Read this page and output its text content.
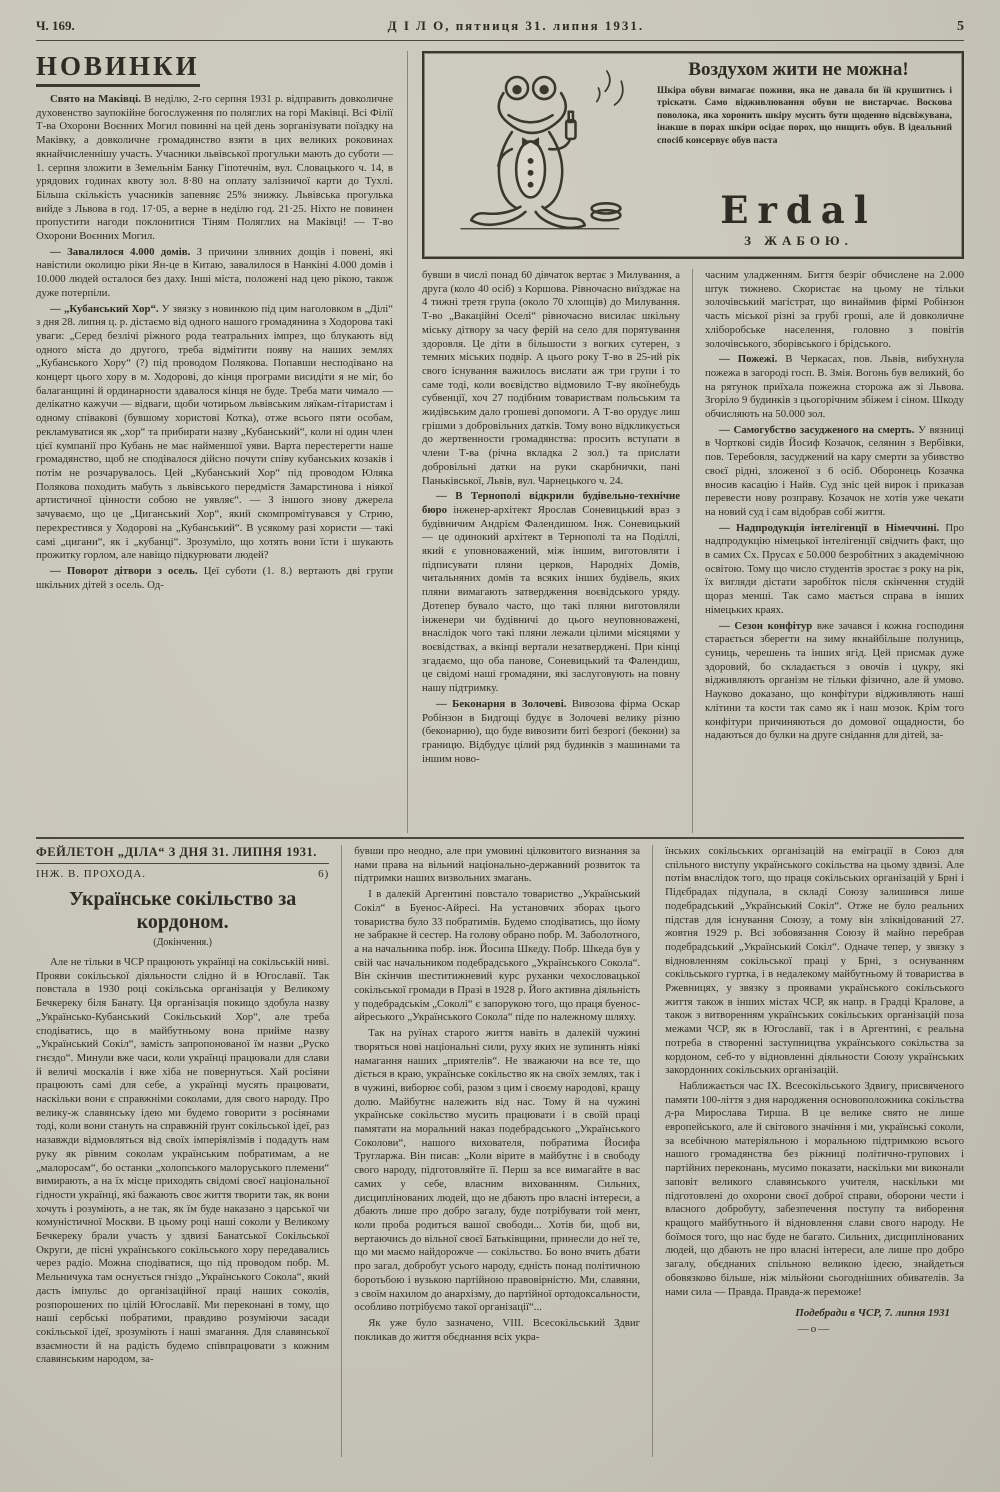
Ч. 169.	Д І Л О, пятниця 31. липня 1931.	5
НОВИНКИ

Свято на Маківці. В неділю, 2-го серпня 1931 р. відправить довколичне духовенство заупокійне богослуження по поляглих на горі Маківці. Всі Філії Т-ва Охорони Воєнних Могил повинні на цей день зорганізувати поїздку на Маківку, а довколичне громадянство взяти в цих великих роковинах якнайчисленнішу участь. Учасники львівської прогульки мають до суботи — 1. серпня зложити в Земельнім Банку Гіпотечнім, вул. Словацького ч. 14, в урядових годинах квоту зол. 8·80 на оплату залізничої карти до Тухлі. Більша скількість учасників запевняє 25% знижку. Львівська прогулька вийде з Львова в год. 17·05, а верне в неділю год. 21·25. Ніхто не повинен пропустити нагоди поклонитися Тіням Поляглих на Маківці! — Т-во Охорони Воєнних Могил.

— Завалилося 4.000 домів. З причини зливних дощів і повені, які навістили околицю ріки Ян-це в Китаю, завалилося в Нанкіні 4.000 домів і 10.000 людей осталося без даху. Інші міста, положені над цею рікою, також дуже потерпіли.

— „Кубанський Хор“. У звязку з новинкою під цим наголовком в „Ділі“ з дня 28. липня ц. р. дістаємо від одного нашого громадянина з Ходорова такі уваги: „Серед безлічі ріжного рода театральних імпрез, що блукають від одного міста до другого, треба відмітити появу на наших землях „Кубанського Хору“ (?) під проводом Полякова. Попавши несподівано на концерт цього хору в м. Ходорові, до кінця програми висидіти я не міг, бо балаганщині й ординарности здавалося кінця не буде. Треба мати чимало — делікатно кажучи — відваги, щоби чотирьом львівським ляїкам-гітаристам і одному співакові (бувшому хористові Котка), отже всього пяти особам, рекламуватися як „хор“ та прибирати назву „Кубанський“, коли ні один член цієї кумпанії про Кубань не має найменшої уяви. Варта перестерегти наше громадянство, щоб не сподівалося дійсно почути співу кубанських козаків і потім не розчарувалось. Цей „Кубанський Хор“ під проводом Юляка Полякова походить мабуть з львівського передмістя Замарстинова і ніякої артистичної цінности собою не уявляє“. — З іншого знову джерела зачуваємо, що це „Циганський Хор“, який скомпромітувався у Стрию, перехрестився у Ходорові на „Кубанський“. В усякому разі хористи — такі самі „цигани“, як і „кубанці“. Зрозуміло, що хотять вони їсти і шукають прожитку горлом, але навіщо підкурювати людей?

— Поворот дітвори з осель. Цеї суботи (1. 8.) вертають дві групи шкільних дітей з осель. Од-

Воздухом жити не можна!

Шкіра обуви вимагає поживи, яка не давала би їй крушитись і тріскати. Само відживлювання обуви не вистарчає. Воскова поволока, яка хоронить шкіру мусить бути щоденно відсвіжувана, інакше в порах шкіри осідає порох, що нищить обув. В ідеальний спосіб консервує обув паста

Erdal
З ЖАБОЮ.

бувши в числі понад 60 дівчаток вертає з Милування, а друга (коло 40 осіб) з Коршова. Рівночасно виїзджає на 4 тижні третя група (около 70 хлопців) до Милування. Т-во „Вакаційні Оселі“ рівночасно висилає шкільну міську дітвору за часу ферій на село для порятування здоровля. Це діти в більшости з вогких сутерен, з темних міських подвір. А цього року Т-во в 25-ий рік свого існування важилось вислати аж три групи і то саме тоді, коли воєвідство відмовило Т-ву якоїнебудь субвенції, хоч 27 подібним товариствам польським та жидівським дало грошеві допомоги. А Т-во орудує лиш грішми з добровільних датків. Тому воно відкликується до жертвенности громадянства: просить вступати в члени Т-ва (річна вкладка 2 зол.) та прислати добровільні датки на руки скарбнички, пані Паньківської, Львів, вул. Чарнецького ч. 24.

— В Тернополі відкрили будівельно-технічне бюро інженер-архітект Ярослав Соневицький враз з будівничим Андрієм Фалендишом. Інж. Соневицький — це одинокий архітект в Тернополі та на Поділлі, який є уповноважений, між іншим, виготовляти і підписувати пляни церков, Народніх Домів, читальняних домів та всяких інших будівель, яких пляни вимагають затвердження воєвідського уряду. Дотепер бувало часто, що такі пляни виготовляли інженери чи будівничі до цього неуповноважені, внаслідок чого такі пляни лежали цілими місяцями у воєвідствах, а вкінці вертали незатверджені. При кінці згадаємо, що оба панове, Соневицький та Фалендиш, це свідомі наші громадяни, які заслуговують на повну нашу підтримку.

— Беконарня в Золочеві. Вивозова фірма Оскар Робінзон в Бидгощі будує в Золочеві велику різню (беконарню), що буде вивозити биті безрогі (бекони) за границю. Відбудує цілий ряд будинків з машинами та іншим ново-

часним уладженням. Биття безріг обчислене на 2.000 штук тижнево. Скористає на цьому не тільки золочівський магістрат, що винаймив фірмі Робінзон часть міської різні за грубі гроші, але й довколичне хліборобське населення, головно з повітів золочівського, зборівського і брідського.

— Пожежі. В Черкасах, пов. Львів, вибухнула пожежа в загороді госп. В. Змія. Вогонь був великий, бо на рятунок приїхала пожежна сторожа аж зі Львова. Згоріло 9 будинків з цьогорічним збіжем і сіном. Шкоду обчисляють на 50.000 зол.

— Самогубство засудженого на смерть. У вязниці в Чорткові сидів Йосиф Козачок, селянин з Вербівки, пов. Теребовля, засуджений на кару смерти за убивство своєї рідні, зложеної з 6 осіб. Оборонець Козачка вносив касацію і Найв. Суд зніс цей вирок і приказав перевести нову розправу. Козачок не хотів уже чекати на новий суд і сам відобрав собі життя.

— Надпродукція інтелігенції в Німеччині. Про надпродукцію німецької інтелігенції свідчить факт, що в самих Сх. Прусах є 50.000 безробітних з академічною освітою. Тому що число студентів зростає з року на рік, їх вигляди дістати заробіток після скінчення студій щораз менші. Так само мається справа в інших німецьких краях.

— Сезон конфітур вже зачався і кожна господиня старається зберегти на зиму якнайбільше полуниць, суниць, черешень та інших ягід. Цей присмак дуже здоровий, бо складається з овочів і цукру, які відживляють організм не тільки фізично, але й умово. Науково доказано, що конфітури відживляють наші клітини та кости так само як і наш мозок. Крім того конфітури причиняються до домової ощадности, бо надаються до булки на друге снідання для дітей, за-

ФЕЙЛЕТОН „ДІЛА“ З ДНЯ 31. ЛИПНЯ 1931.
ІНЖ. В. ПРОХОДА.	6)
Українське сокільство за кордоном.
(Докінчення.)

Але не тільки в ЧСР працюють українці на сокільській ниві. Прояви сокільської діяльности слідно й в Югославії. Так повстала в 1930 році сокільська організація у Великому Бечкереку біля Банату. Ця організація покищо здобула назву „Українсько-Кубанський Сокільський Хор“, але треба сподіватись, що в майбутньому вона прийме назву „Український Сокіл“, замість запропонованої їм назви „Руско гнєздо“. Минули вже часи, коли українці працювали для слави й величі москалів і вже хіба не повернуться. Хай росіяни працюють самі для себе, а українці мусять працювати, наскільки вони є справжніми соколами, для свого народу. Про велику-ж славянську ідею ми будемо говорити з росіянами тоді, коли вони стануть на справжній ґрунт сокільської ідеї, раз назавжди відмовляться від своїх імперіялізмів і подадуть нам руку як рівним соколам українським побратимам, а не „малоросам“, бо останки „холопського малоруського племени“ вимирають, а на їх місце приходять свідомі своєї національної гідности українці, які бажають своє життя творити так, як вони хочуть і розуміють, а не так, як їм буде наказано з царської чи комуністичної Москви. В цьому році наші соколи у Великому Бечкереку брали участь у здвизі Банатської Сокільської Округи, де пісні українського сокільського хору передавались через радіо. Можна сподіватися, що під проводом побр. М. Мельничука там оснується гніздо „Українського Сокола“, який дасть імпульс до організаційної праці наших соколів, розпорошених по цілій Югославії. Ми переконані в тому, що наші сербські побратими, правдиво розуміючи засади сокільської ідеї, зрозуміють і наші змагання. Для славянської взаємности й на радість будемо співпрацювати з кожним славянським народом, за-

бувши про неодно, але при умовині цілковитого визнання за нами права на вільний національно-державний розвиток та підтримки наших визвольних змагань.

І в далекій Аргентині повстало товариство „Український Сокіл“ в Буенос-Айресі. На установчих зборах цього товариства було 33 побратимів. Будемо сподіватись, що йому не забракне й сестер. На голову обрано побр. М. Заболотного, а на начальника побр. інж. Йосипа Шкеду. Побр. Шкеда був у свій час начальником подебрадського „Українського Сокола“. Він скінчив шеститижневий курс руханки чехословацької сокільської громади в Празі в 1928 р. Його активна діяльність у подебрадськім „Соколі“ є запорукою того, що праця буенос-айреського „Українського Сокола“ піде по належному шляху.

Так на руїнах старого життя навіть в далекій чужині творяться нові національні сили, руху яких не зупинять ніякі намагання наших „приятелів“. Не зважаючи на все те, що діється в краю, українське сокільство як на своїх землях, так і в чужині, виборює собі, разом з цим і своєму народові, кращу долю. Майбутнє належить від нас. Тому й на чужині українське сокільство мусить працювати і в своїй праці памятати на моральний наказ подебрадського „Українського Соколови“, нашого вихователя, побратима Йосифа Тругларжа. Він писав: „Коли вірите в майбутнє і в свободу свого народу, підготовляйте її. Перш за все вимагайте в вас самих у себе, власним вихованням. Сильних, дисциплінованих людей, що не дбають про власні інтереси, а дбають лише про добро загалу, буде потрібувати той мент, коли проба родиться вашої свободи... Хотів би, щоб ви, вертаючись до вільної своєї Батьківщини, принесли до неї те, що ми маємо найдорожче — сокільство. Бо воно вчить дбати про загал, добробут усього народу, єдність понад політичною боротьбою і вузькою партійною правовірністю. Ми, славяни, з своїм нахилом до анархізму, до партійної ортодоксальности, особливо потрібуємо такої організації“...

Як уже було зазначено, VIII. Всесокільський Здвиг покликав до життя обєднання всіх укра-

їнських сокільських організацій на еміграції в Союз для спільного виступу українського сокільства на цьому здвизі. Але потім внаслідок того, що праця сокільських організацій у Брні і Підєбрадах підупала, в складі Союзу залишився лише подебрадський „Український Сокіл“. Отже не було реальних підстав для існування Союзу, а тому він зліквідований 27. жовтня 1929 р. Всі зобовязання Союзу й майно перебрав подебрадський „Український Сокіл“. Одначе тепер, у звязку з відновленням сокільської праці у Брні, з оснуванням сокільського гуртка, і в недалекому майбутньому й товариства в Ржевницях, у звязку з проявами українського сокільського життя також в інших містах ЧСР, як напр. в Градці Кралове, а також з витворенням українських сокільських організацій поза межами ЧСР, як в Югославії, так і в Аргентині, є реальна потреба в створенні заступництва українського сокільства за кордоном, себ-то у відновленні діяльности Союзу українських закордонних сокільських організацій.

Наближається час ІХ. Всесокільського Здвигу, присвяченого памяти 100-ліття з дня народження основоположника сокільства д-ра Мирослава Тирша. В це велике свято не лише европейського, але й світового значіння і ми, українські соколи, за всебічною матеріяльною і моральною підтримкою всього нашого громадянства без ріжниці політично-групових і партійних переконань, мусимо показати, наскільки ми виконали заповіт великого славянського учителя, наскільки ми підготовлені до охорони своєї доброї справи, оборони чести і власного добробуту, забезпечення поступу та виборення кращого майбутнього й відновлення слави свого народу. Не боїмося того, що нас буде не багато. Сильних, дисциплінованих людей, що дбають не про власні інтереси, але лише про добро загалу, обєднаних спільною великою ідеєю, знайдеться обовязково більше, ніж мільйони сьогоднішних обивателів. За нами сила — Правда. Правда-ж переможе!

Подебради в ЧСР, 7. липня 1931
—о—
